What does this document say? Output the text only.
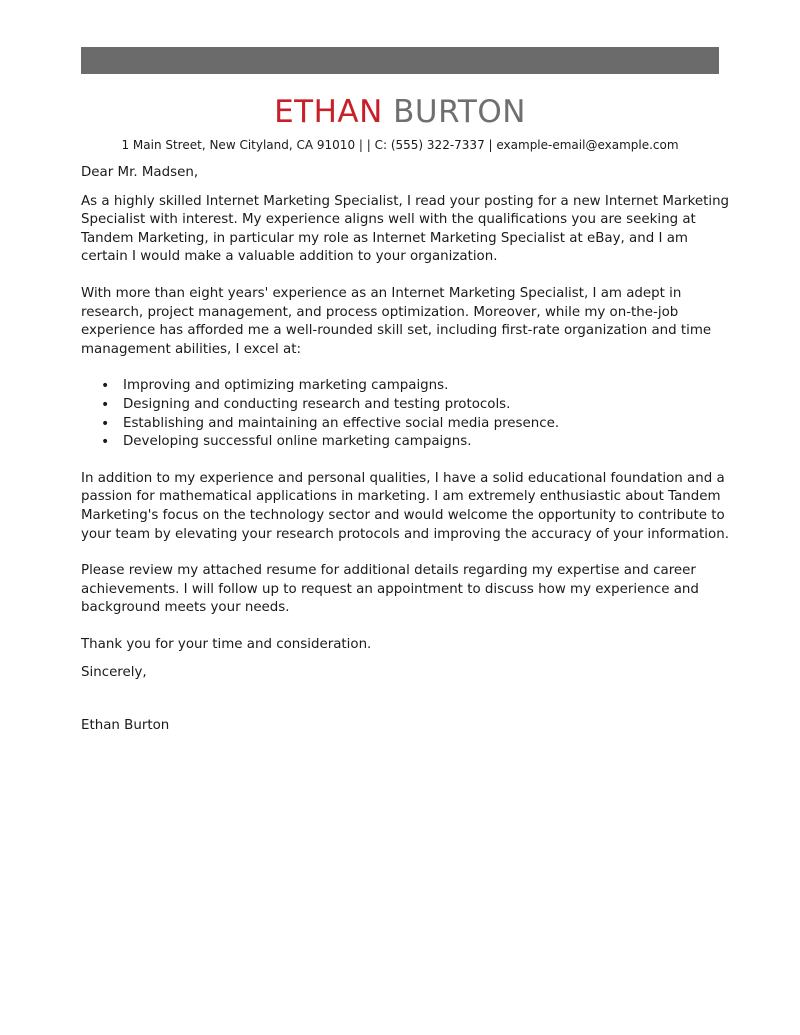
ETHAN BURTON
1 Main Street, New Cityland, CA 91010 | | C: (555) 322-7337 | example-email@example.com

Dear Mr. Madsen,

As a highly skilled Internet Marketing Specialist, I read your posting for a new Internet Marketing Specialist with interest. My experience aligns well with the qualifications you are seeking at Tandem Marketing, in particular my role as Internet Marketing Specialist at eBay, and I am certain I would make a valuable addition to your organization.

With more than eight years' experience as an Internet Marketing Specialist, I am adept in research, project management, and process optimization. Moreover, while my on-the-job experience has afforded me a well-rounded skill set, including first-rate organization and time management abilities, I excel at:

• Improving and optimizing marketing campaigns.
• Designing and conducting research and testing protocols.
• Establishing and maintaining an effective social media presence.
• Developing successful online marketing campaigns.

In addition to my experience and personal qualities, I have a solid educational foundation and a passion for mathematical applications in marketing. I am extremely enthusiastic about Tandem Marketing's focus on the technology sector and would welcome the opportunity to contribute to your team by elevating your research protocols and improving the accuracy of your information.

Please review my attached resume for additional details regarding my expertise and career achievements. I will follow up to request an appointment to discuss how my experience and background meets your needs.

Thank you for your time and consideration.

Sincerely,

Ethan Burton
